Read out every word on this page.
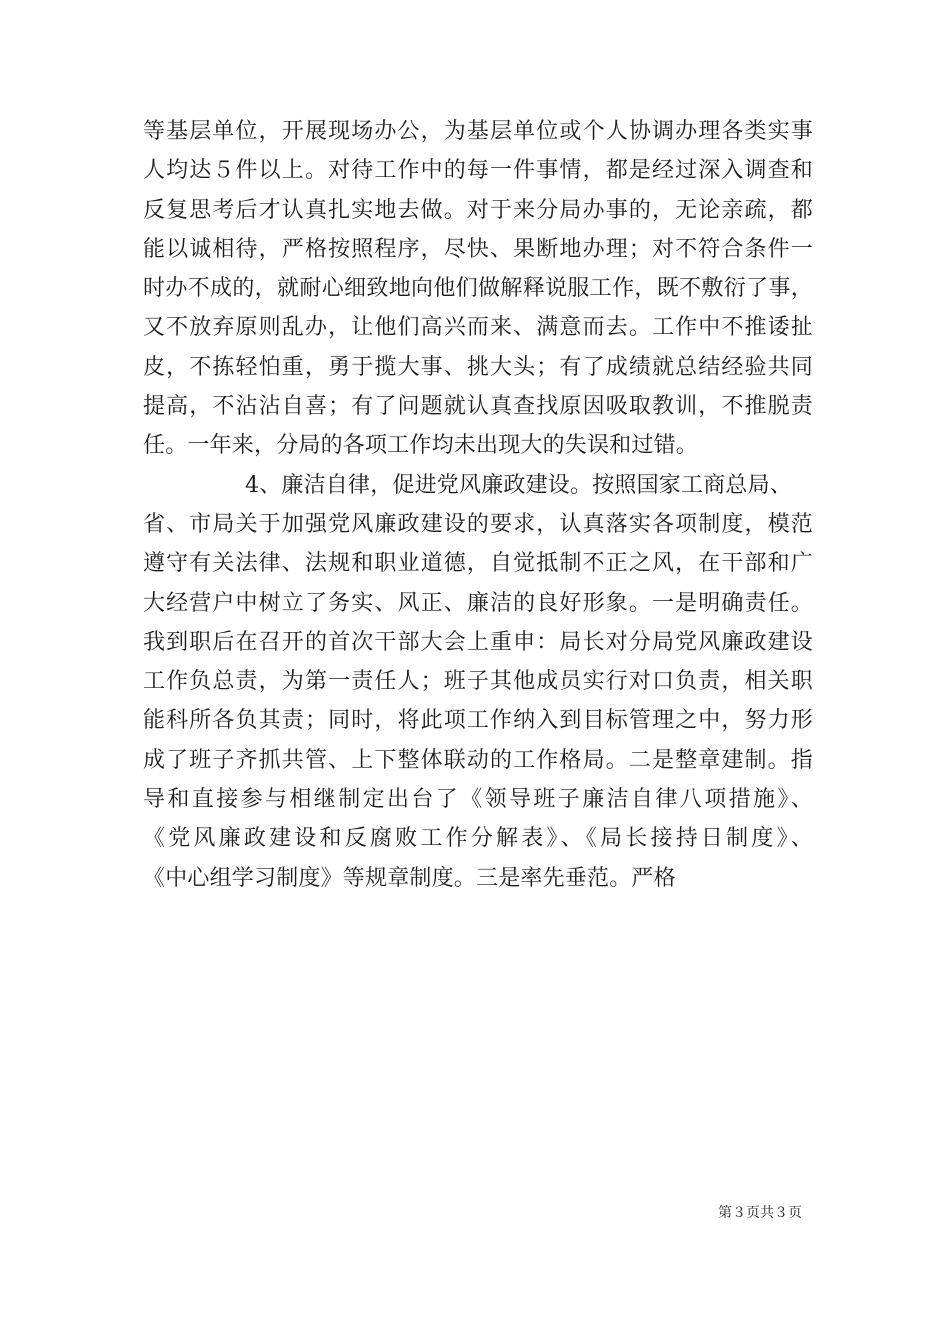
等基层单位，开展现场办公，为基层单位或个人协调办理各类实事
人均达５件以上。对待工作中的每一件事情，都是经过深入调查和
反复思考后才认真扎实地去做。对于来分局办事的，无论亲疏，都
能以诚相待，严格按照程序，尽快、果断地办理；对不符合条件一
时办不成的，就耐心细致地向他们做解释说服工作，既不敷衍了事，
又不放弃原则乱办，让他们高兴而来、满意而去。工作中不推诿扯
皮，不拣轻怕重，勇于揽大事、挑大头；有了成绩就总结经验共同
提高，不沾沾自喜；有了问题就认真查找原因吸取教训，不推脱责
任。一年来，分局的各项工作均未出现大的失误和过错。
4、廉洁自律，促进党风廉政建设。按照国家工商总局、
省、市局关于加强党风廉政建设的要求，认真落实各项制度，模范
遵守有关法律、法规和职业道德，自觉抵制不正之风，在干部和广
大经营户中树立了务实、风正、廉洁的良好形象。一是明确责任。
我到职后在召开的首次干部大会上重申：局长对分局党风廉政建设
工作负总责，为第一责任人；班子其他成员实行对口负责，相关职
能科所各负其责；同时，将此项工作纳入到目标管理之中，努力形
成了班子齐抓共管、上下整体联动的工作格局。二是整章建制。指
导和直接参与相继制定出台了《领导班子廉洁自律八项措施》、
《党风廉政建设和反腐败工作分解表》、《局长接持日制度》、
《中心组学习制度》等规章制度。三是率先垂范。严格
第３页共３页
